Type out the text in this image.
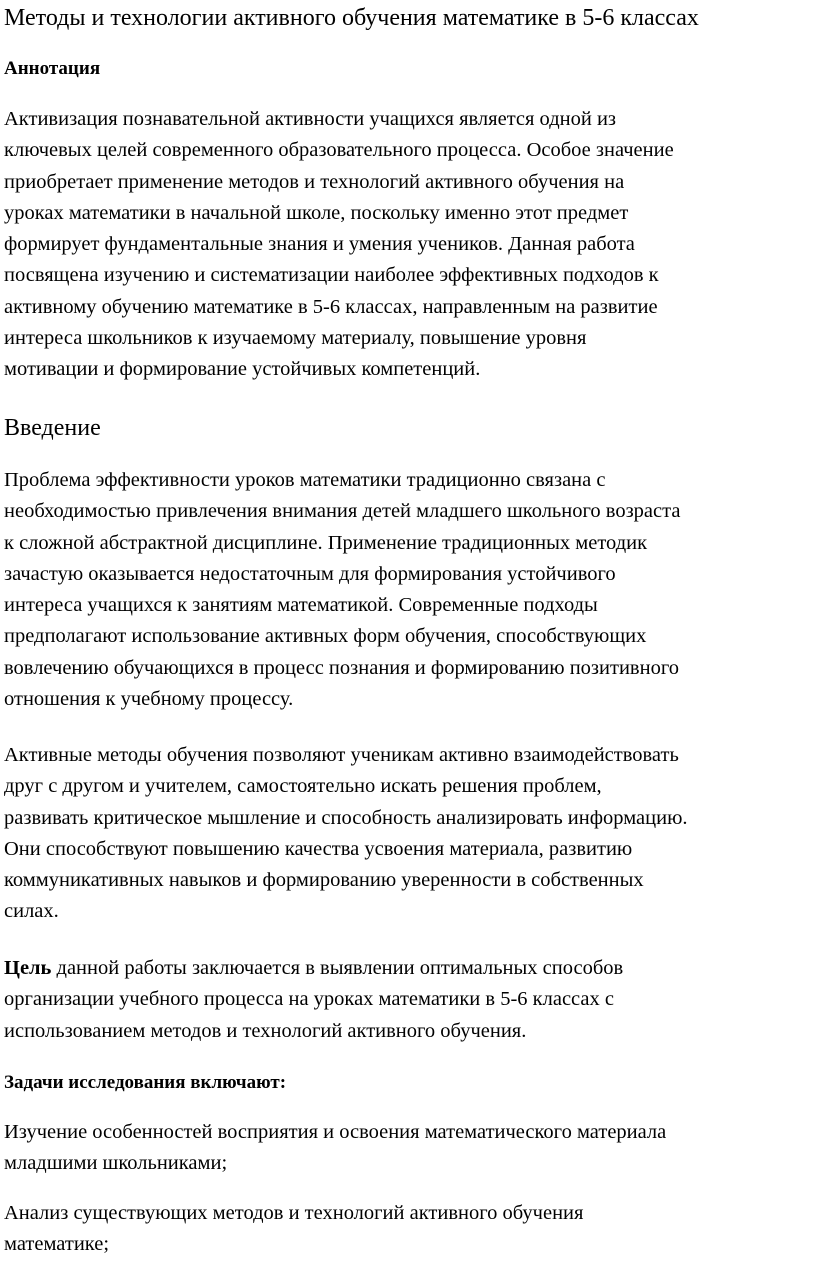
Методы и технологии активного обучения математике в 5-6 классах
Аннотация

Активизация познавательной активности учащихся является одной из
ключевых целей современного образовательного процесса. Особое значение
приобретает применение методов и технологий активного обучения на
уроках математики в начальной школе, поскольку именно этот предмет
формирует фундаментальные знания и умения учеников. Данная работа
посвящена изучению и систематизации наиболее эффективных подходов к
активному обучению математике в 5-6 классах, направленным на развитие
интереса школьников к изучаемому материалу, повышение уровня
мотивации и формирование устойчивых компетенций.

Введение

Проблема эффективности уроков математики традиционно связана с
необходимостью привлечения внимания детей младшего школьного возраста
к сложной абстрактной дисциплине. Применение традиционных методик
зачастую оказывается недостаточным для формирования устойчивого
интереса учащихся к занятиям математикой. Современные подходы
предполагают использование активных форм обучения, способствующих
вовлечению обучающихся в процесс познания и формированию позитивного
отношения к учебному процессу.

Активные методы обучения позволяют ученикам активно взаимодействовать
друг с другом и учителем, самостоятельно искать решения проблем,
развивать критическое мышление и способность анализировать информацию.
Они способствуют повышению качества усвоения материала, развитию
коммуникативных навыков и формированию уверенности в собственных
силах.

Цель данной работы заключается в выявлении оптимальных способов
организации учебного процесса на уроках математики в 5-6 классах с
использованием методов и технологий активного обучения.

Задачи исследования включают:

Изучение особенностей восприятия и освоения математического материала
младшими школьниками;

Анализ существующих методов и технологий активного обучения
математике;
